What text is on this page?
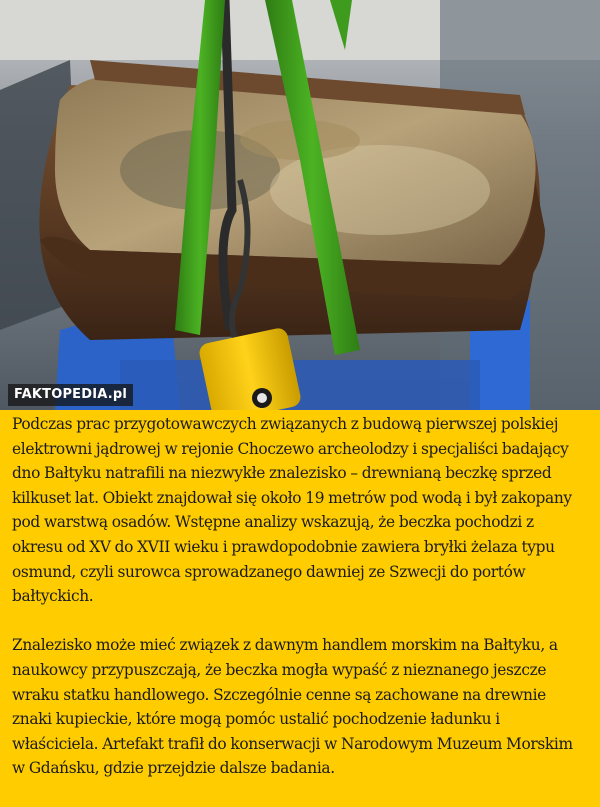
FAKTOPEDIA.pl

Podczas prac przygotowawczych związanych z budową pierwszej polskiej elektrowni jądrowej w rejonie Choczewo archeolodzy i specjaliści badający dno Bałtyku natrafili na niezwykłe znalezisko – drewnianą beczkę sprzed kilkuset lat. Obiekt znajdował się około 19 metrów pod wodą i był zakopany pod warstwą osadów. Wstępne analizy wskazują, że beczka pochodzi z okresu od XV do XVII wieku i prawdopodobnie zawiera bryłki żelaza typu osmund, czyli surowca sprowadzanego dawniej ze Szwecji do portów bałtyckich.

Znalezisko może mieć związek z dawnym handlem morskim na Bałtyku, a naukowcy przypuszczają, że beczka mogła wypaść z nieznanego jeszcze wraku statku handlowego. Szczególnie cenne są zachowane na drewnie znaki kupieckie, które mogą pomóc ustalić pochodzenie ładunku i właściciela. Artefakt trafił do konserwacji w Narodowym Muzeum Morskim w Gdańsku, gdzie przejdzie dalsze badania.
